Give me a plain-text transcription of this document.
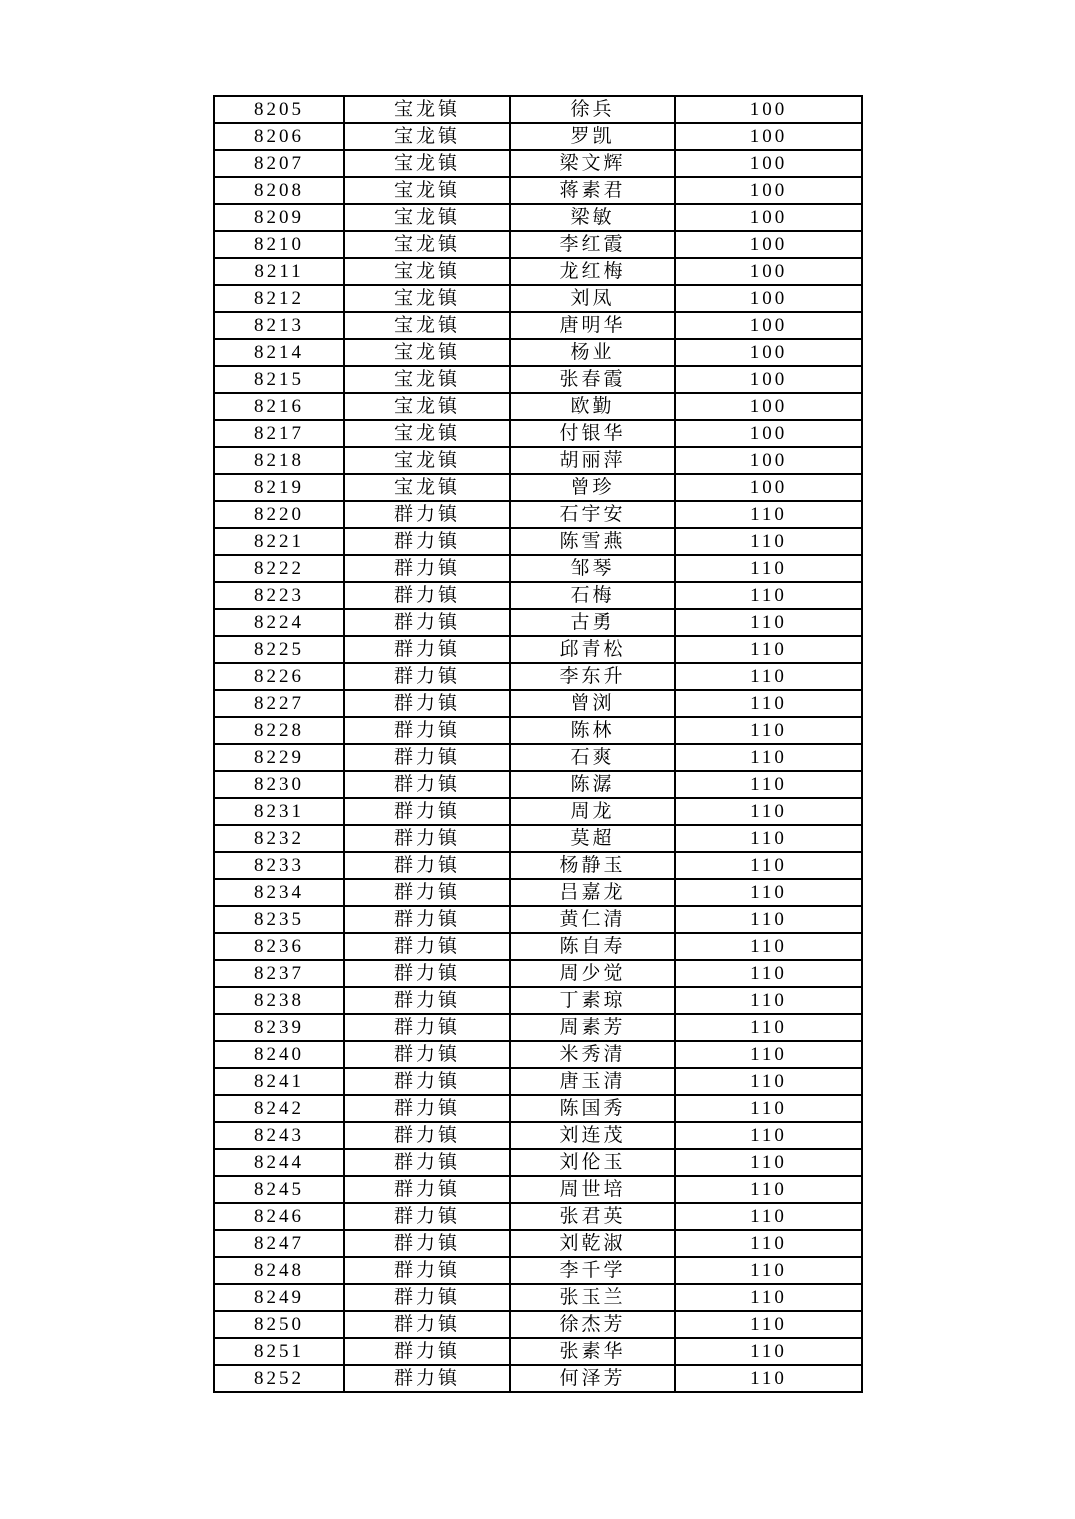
8205	宝龙镇	徐兵	100
8206	宝龙镇	罗凯	100
8207	宝龙镇	梁文辉	100
8208	宝龙镇	蒋素君	100
8209	宝龙镇	梁敏	100
8210	宝龙镇	李红霞	100
8211	宝龙镇	龙红梅	100
8212	宝龙镇	刘凤	100
8213	宝龙镇	唐明华	100
8214	宝龙镇	杨业	100
8215	宝龙镇	张春霞	100
8216	宝龙镇	欧勤	100
8217	宝龙镇	付银华	100
8218	宝龙镇	胡丽萍	100
8219	宝龙镇	曾珍	100
8220	群力镇	石宇安	110
8221	群力镇	陈雪燕	110
8222	群力镇	邹琴	110
8223	群力镇	石梅	110
8224	群力镇	古勇	110
8225	群力镇	邱青松	110
8226	群力镇	李东升	110
8227	群力镇	曾浏	110
8228	群力镇	陈林	110
8229	群力镇	石爽	110
8230	群力镇	陈潺	110
8231	群力镇	周龙	110
8232	群力镇	莫超	110
8233	群力镇	杨静玉	110
8234	群力镇	吕嘉龙	110
8235	群力镇	黄仁清	110
8236	群力镇	陈自寿	110
8237	群力镇	周少觉	110
8238	群力镇	丁素琼	110
8239	群力镇	周素芳	110
8240	群力镇	米秀清	110
8241	群力镇	唐玉清	110
8242	群力镇	陈国秀	110
8243	群力镇	刘连茂	110
8244	群力镇	刘伦玉	110
8245	群力镇	周世培	110
8246	群力镇	张君英	110
8247	群力镇	刘乾淑	110
8248	群力镇	李千学	110
8249	群力镇	张玉兰	110
8250	群力镇	徐杰芳	110
8251	群力镇	张素华	110
8252	群力镇	何泽芳	110
